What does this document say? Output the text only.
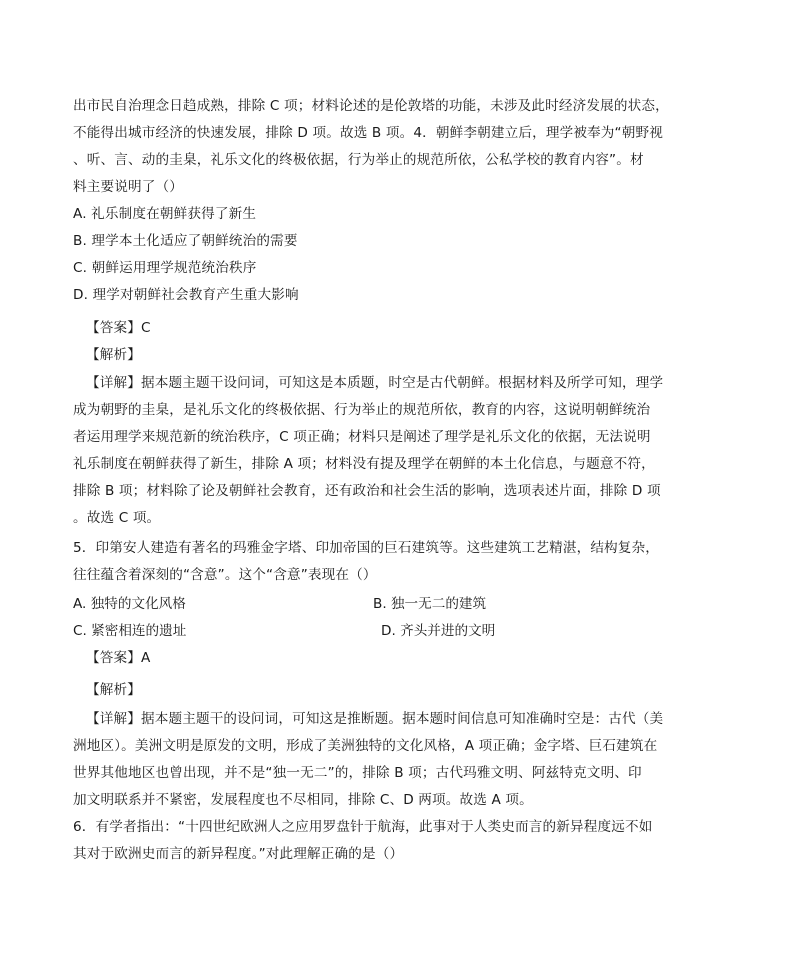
出市民自治理念日趋成熟，排除 C 项；材料论述的是伦敦塔的功能，未涉及此时经济发展的状态，
不能得出城市经济的快速发展，排除 D 项。故选 B 项。4．朝鲜李朝建立后，理学被奉为“朝野视
、听、言、动的圭臬，礼乐文化的终极依据，行为举止的规范所依，公私学校的教育内容”。材
料主要说明了（）
A. 礼乐制度在朝鲜获得了新生
B. 理学本土化适应了朝鲜统治的需要
C. 朝鲜运用理学规范统治秩序
D. 理学对朝鲜社会教育产生重大影响
【答案】C
【解析】
【详解】据本题主题干设问词，可知这是本质题，时空是古代朝鲜。根据材料及所学可知，理学
成为朝野的圭臬，是礼乐文化的终极依据、行为举止的规范所依，教育的内容，这说明朝鲜统治
者运用理学来规范新的统治秩序，C 项正确；材料只是阐述了理学是礼乐文化的依据，无法说明
礼乐制度在朝鲜获得了新生，排除 A 项；材料没有提及理学在朝鲜的本土化信息，与题意不符，
排除 B 项；材料除了论及朝鲜社会教育，还有政治和社会生活的影响，选项表述片面，排除 D 项
。故选 C 项。
5．印第安人建造有著名的玛雅金字塔、印加帝国的巨石建筑等。这些建筑工艺精湛，结构复杂，
往往蕴含着深刻的“含意”。这个“含意”表现在（）
A. 独特的文化风格	B. 独一无二的建筑
C. 紧密相连的遗址	D. 齐头并进的文明
【答案】A
【解析】
【详解】据本题主题干的设问词，可知这是推断题。据本题时间信息可知准确时空是：古代（美
洲地区）。美洲文明是原发的文明，形成了美洲独特的文化风格，A 项正确；金字塔、巨石建筑在
世界其他地区也曾出现，并不是“独一无二”的，排除 B 项；古代玛雅文明、阿兹特克文明、印
加文明联系并不紧密，发展程度也不尽相同，排除 C、D 两项。故选 A 项。
6．有学者指出：“十四世纪欧洲人之应用罗盘针于航海，此事对于人类史而言的新异程度远不如
其对于欧洲史而言的新异程度。”对此理解正确的是（）
